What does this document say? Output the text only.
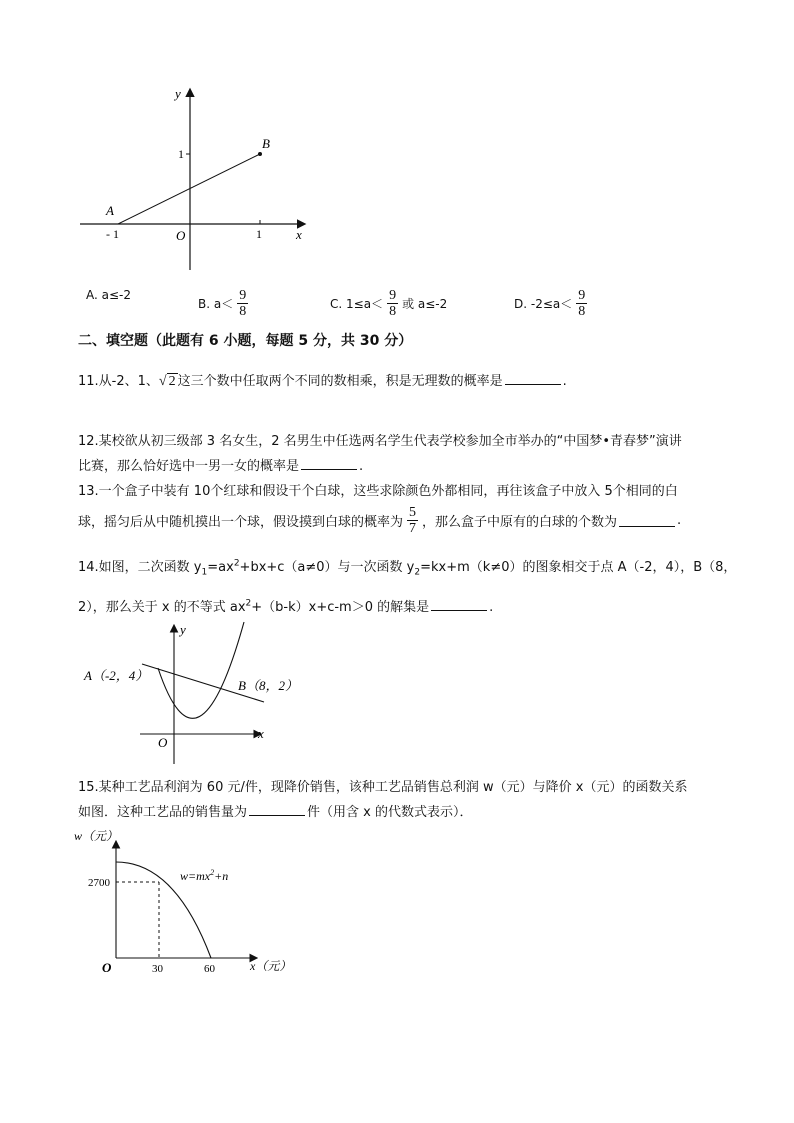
y
x
O
1
- 1	1
A
B
A. a≤-2
B. $a< \frac{9}{8}$	C. $1\le a< \frac{9}{8}$ 或 a≤-2	D. $-2\le a< \frac{9}{8}$
二、填空题（此题有 6 小题，每题 5 分，共 30 分）
11.从-2、1、√ 2 这三个数中任取两个不同的数相乘，积是无理数的概率是	.
12.某校欲从初三级部 3 名女生，2 名男生中任选两名学生代表学校参加全市举办的“中国梦•青春梦”演讲
比赛，那么恰好选中一男一女的概率是	.
13.一个盒子中装有 10个红球和假设干个白球，这些求除颜色外都相同，再往该盒子中放入 5个相同的白
球，摇匀后从中随机摸出一个球，假设摸到白球的概率为 $\frac{5}{7}$ ，那么盒子中原有的白球的个数为	.
14.如图，二次函数 $y_1=ax^2+bx+c(a\ne 0)$与一次函数 $y_2=kx+m(k\ne 0)$的图象相交于点 A（-2，4），B（8，
2），那么关于 x 的不等式 $ax^2+(b-k)x+c-m>0$ 的解集是	.
y
x
O
A（-2，4）
B（8，2）
15.某种工艺品利润为 60 元/件，现降价销售，该种工艺品销售总利润 w（元）与降价 x（元）的函数关系
如图．这种工艺品的销售量为	件（用含 x 的代数式表示）．
w（元）
x（元）
O
2700
30	60
$w=mx^2+n$
